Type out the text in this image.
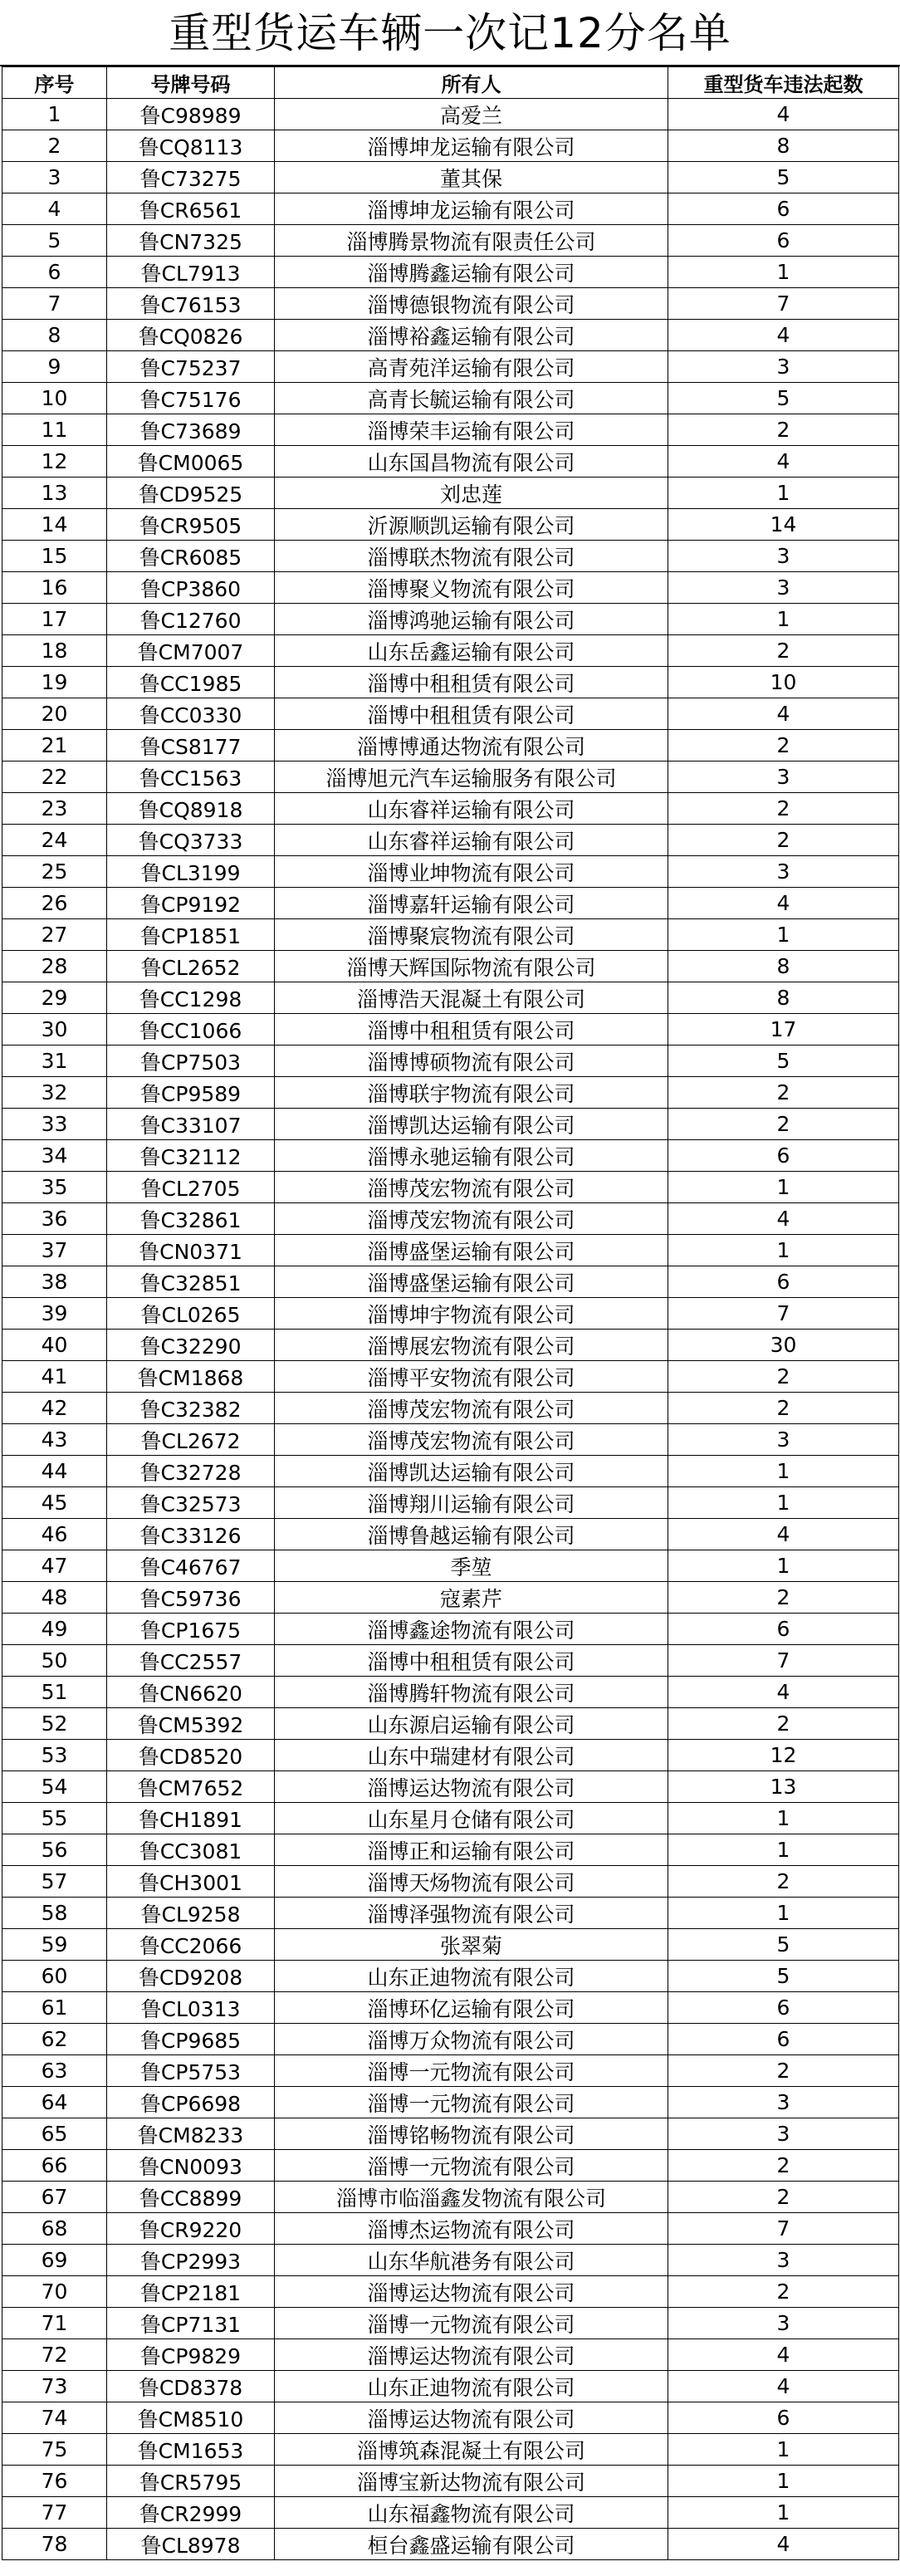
重型货运车辆一次记12分名单
序号	号牌号码	所有人	重型货车违法起数
1	鲁C98989	高爱兰	4
2	鲁CQ8113	淄博坤龙运输有限公司	8
3	鲁C73275	董其保	5
4	鲁CR6561	淄博坤龙运输有限公司	6
5	鲁CN7325	淄博腾景物流有限责任公司	6
6	鲁CL7913	淄博腾鑫运输有限公司	1
7	鲁C76153	淄博德银物流有限公司	7
8	鲁CQ0826	淄博裕鑫运输有限公司	4
9	鲁C75237	高青苑洋运输有限公司	3
10	鲁C75176	高青长毓运输有限公司	5
11	鲁C73689	淄博荣丰运输有限公司	2
12	鲁CM0065	山东国昌物流有限公司	4
13	鲁CD9525	刘忠莲	1
14	鲁CR9505	沂源顺凯运输有限公司	14
15	鲁CR6085	淄博联杰物流有限公司	3
16	鲁CP3860	淄博聚义物流有限公司	3
17	鲁C12760	淄博鸿驰运输有限公司	1
18	鲁CM7007	山东岳鑫运输有限公司	2
19	鲁CC1985	淄博中租租赁有限公司	10
20	鲁CC0330	淄博中租租赁有限公司	4
21	鲁CS8177	淄博博通达物流有限公司	2
22	鲁CC1563	淄博旭元汽车运输服务有限公司	3
23	鲁CQ8918	山东睿祥运输有限公司	2
24	鲁CQ3733	山东睿祥运输有限公司	2
25	鲁CL3199	淄博业坤物流有限公司	3
26	鲁CP9192	淄博嘉轩运输有限公司	4
27	鲁CP1851	淄博聚宸物流有限公司	1
28	鲁CL2652	淄博天辉国际物流有限公司	8
29	鲁CC1298	淄博浩天混凝土有限公司	8
30	鲁CC1066	淄博中租租赁有限公司	17
31	鲁CP7503	淄博博硕物流有限公司	5
32	鲁CP9589	淄博联宇物流有限公司	2
33	鲁C33107	淄博凯达运输有限公司	2
34	鲁C32112	淄博永驰运输有限公司	6
35	鲁CL2705	淄博茂宏物流有限公司	1
36	鲁C32861	淄博茂宏物流有限公司	4
37	鲁CN0371	淄博盛堡运输有限公司	1
38	鲁C32851	淄博盛堡运输有限公司	6
39	鲁CL0265	淄博坤宇物流有限公司	7
40	鲁C32290	淄博展宏物流有限公司	30
41	鲁CM1868	淄博平安物流有限公司	2
42	鲁C32382	淄博茂宏物流有限公司	2
43	鲁CL2672	淄博茂宏物流有限公司	3
44	鲁C32728	淄博凯达运输有限公司	1
45	鲁C32573	淄博翔川运输有限公司	1
46	鲁C33126	淄博鲁越运输有限公司	4
47	鲁C46767	季堃	1
48	鲁C59736	寇素芹	2
49	鲁CP1675	淄博鑫途物流有限公司	6
50	鲁CC2557	淄博中租租赁有限公司	7
51	鲁CN6620	淄博腾轩物流有限公司	4
52	鲁CM5392	山东源启运输有限公司	2
53	鲁CD8520	山东中瑞建材有限公司	12
54	鲁CM7652	淄博运达物流有限公司	13
55	鲁CH1891	山东星月仓储有限公司	1
56	鲁CC3081	淄博正和运输有限公司	1
57	鲁CH3001	淄博天炀物流有限公司	2
58	鲁CL9258	淄博泽强物流有限公司	1
59	鲁CC2066	张翠菊	5
60	鲁CD9208	山东正迪物流有限公司	5
61	鲁CL0313	淄博环亿运输有限公司	6
62	鲁CP9685	淄博万众物流有限公司	6
63	鲁CP5753	淄博一元物流有限公司	2
64	鲁CP6698	淄博一元物流有限公司	3
65	鲁CM8233	淄博铭畅物流有限公司	3
66	鲁CN0093	淄博一元物流有限公司	2
67	鲁CC8899	淄博市临淄鑫发物流有限公司	2
68	鲁CR9220	淄博杰运物流有限公司	7
69	鲁CP2993	山东华航港务有限公司	3
70	鲁CP2181	淄博运达物流有限公司	2
71	鲁CP7131	淄博一元物流有限公司	3
72	鲁CP9829	淄博运达物流有限公司	4
73	鲁CD8378	山东正迪物流有限公司	4
74	鲁CM8510	淄博运达物流有限公司	6
75	鲁CM1653	淄博筑森混凝土有限公司	1
76	鲁CR5795	淄博宝新达物流有限公司	1
77	鲁CR2999	山东福鑫物流有限公司	1
78	鲁CL8978	桓台鑫盛运输有限公司	4
